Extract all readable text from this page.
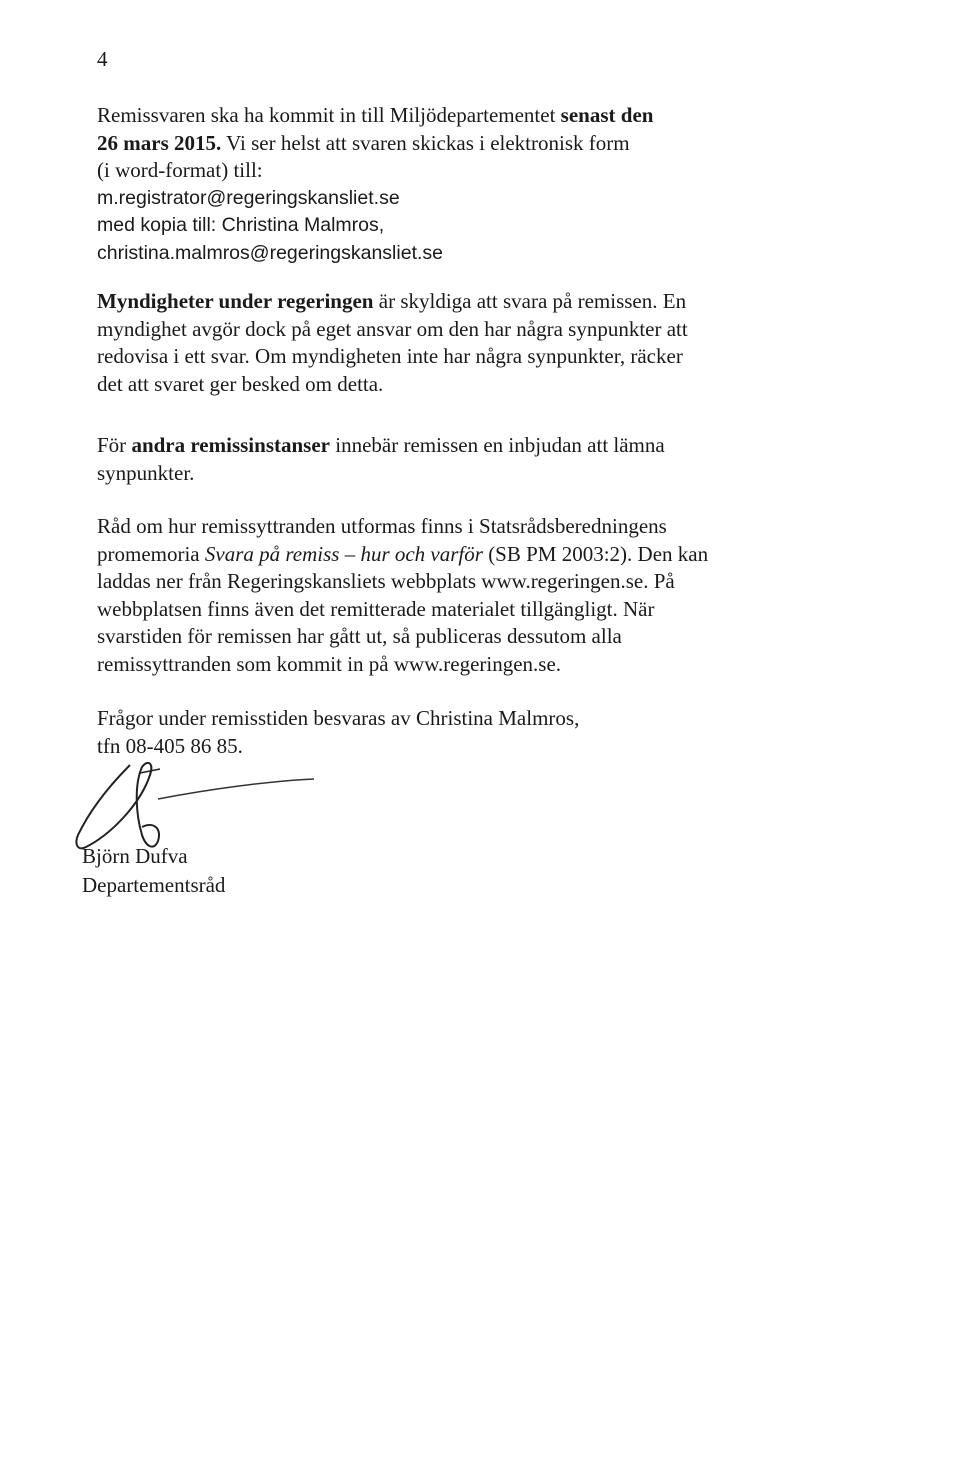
4
Remissvaren ska ha kommit in till Miljödepartementet senast den
26 mars 2015. Vi ser helst att svaren skickas i elektronisk form
(i word-format) till:
m.registrator@regeringskansliet.se
med kopia till: Christina Malmros,
christina.malmros@regeringskansliet.se
Myndigheter under regeringen är skyldiga att svara på remissen. En
myndighet avgör dock på eget ansvar om den har några synpunkter att
redovisa i ett svar. Om myndigheten inte har några synpunkter, räcker
det att svaret ger besked om detta.
För andra remissinstanser innebär remissen en inbjudan att lämna
synpunkter.
Råd om hur remissyttranden utformas finns i Statsrådsberedningens
promemoria Svara på remiss – hur och varför (SB PM 2003:2). Den kan
laddas ner från Regeringskansliets webbplats www.regeringen.se. På
webbplatsen finns även det remitterade materialet tillgängligt. När
svarstiden för remissen har gått ut, så publiceras dessutom alla
remissyttranden som kommit in på www.regeringen.se.
Frågor under remisstiden besvaras av Christina Malmros,
tfn 08-405 86 85.
Björn Dufva
Departementsråd
